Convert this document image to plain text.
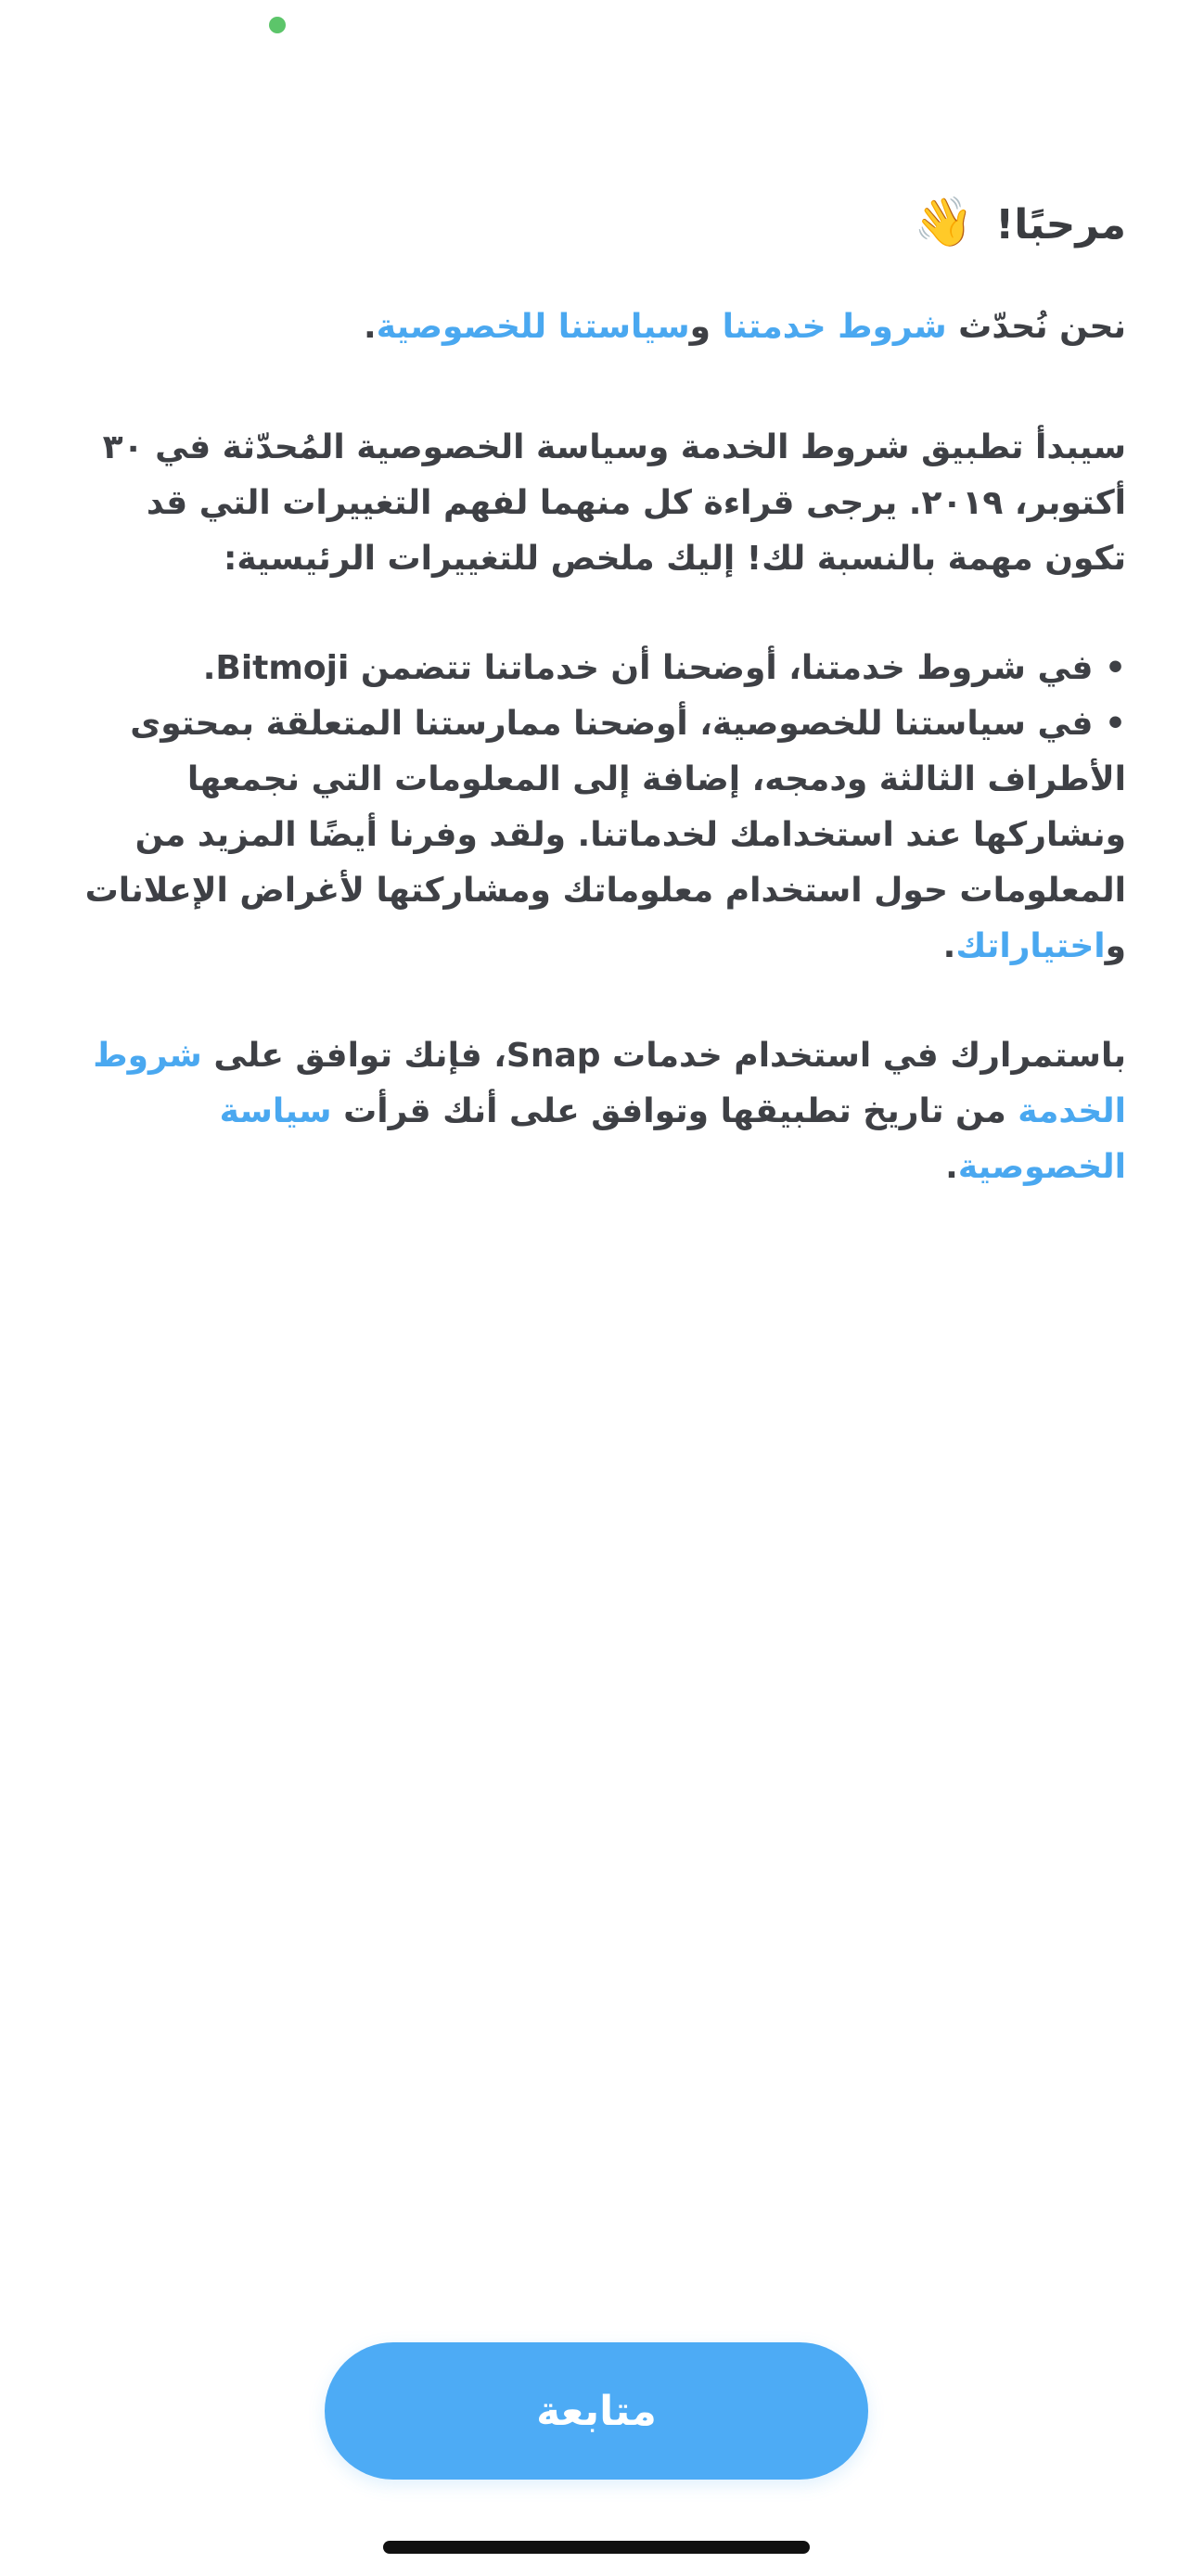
مرحبًا! 👋

نحن نُحدّث شروط خدمتنا وسياستنا للخصوصية.

سيبدأ تطبيق شروط الخدمة وسياسة الخصوصية المُحدّثة في ٣٠ أكتوبر، ٢٠١٩. يرجى قراءة كل منهما لفهم التغييرات التي قد تكون مهمة بالنسبة لك! إليك ملخص للتغييرات الرئيسية:

• في شروط خدمتنا، أوضحنا أن خدماتنا تتضمن Bitmoji.
• في سياستنا للخصوصية، أوضحنا ممارستنا المتعلقة بمحتوى الأطراف الثالثة ودمجه، إضافة إلى المعلومات التي نجمعها ونشاركها عند استخدامك لخدماتنا. ولقد وفرنا أيضًا المزيد من المعلومات حول استخدام معلوماتك ومشاركتها لأغراض الإعلانات واختياراتك.

باستمرارك في استخدام خدمات Snap، فإنك توافق على شروط الخدمة من تاريخ تطبيقها وتوافق على أنك قرأت سياسة الخصوصية.

متابعة
